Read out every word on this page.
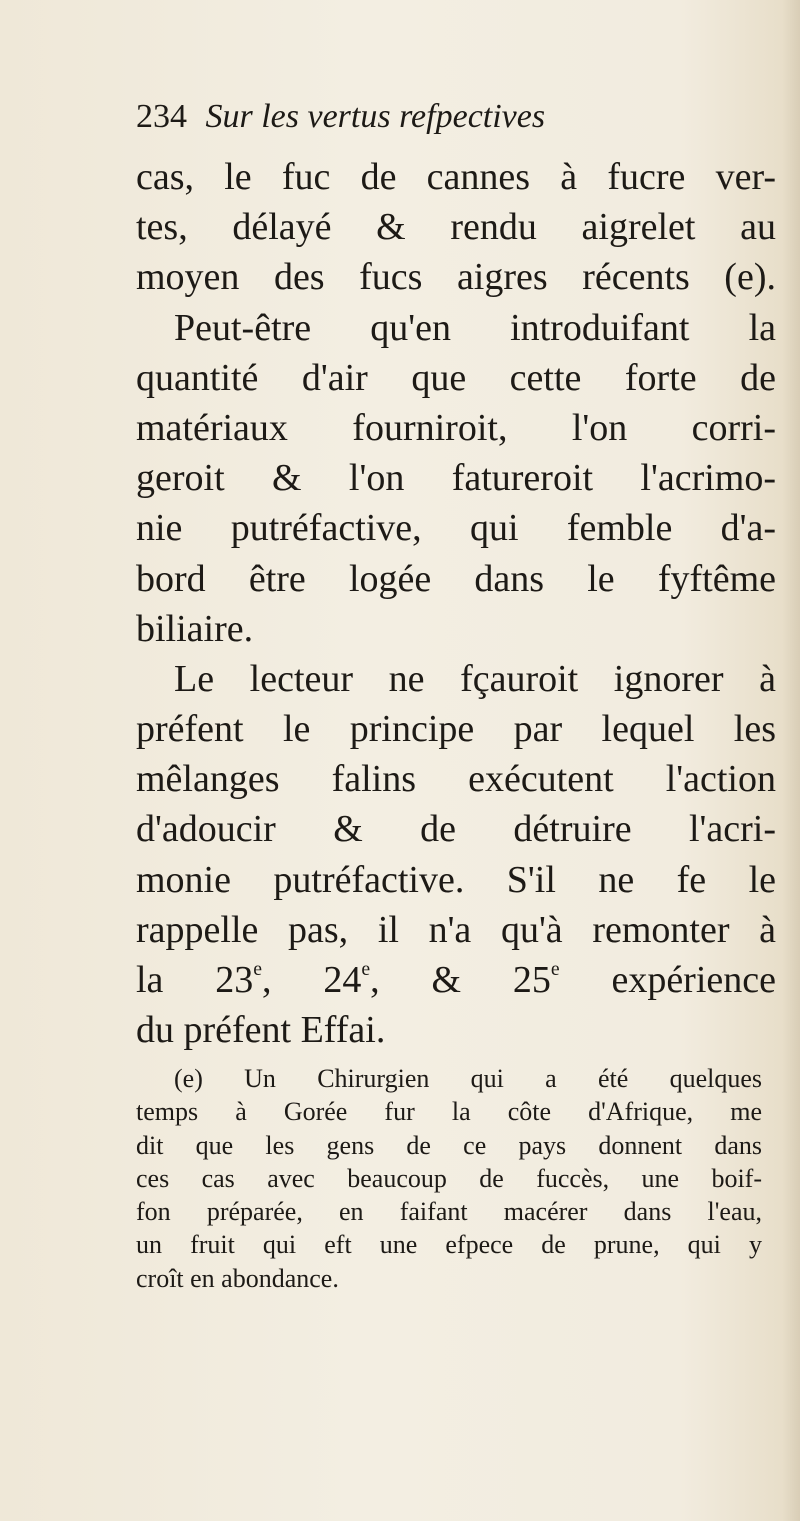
234 Sur les vertus refpectives
cas, le fuc de cannes à fucre ver-
tes, délayé & rendu aigrelet au
moyen des fucs aigres récents (e).
Peut-être qu'en introduifant la
quantité d'air que cette forte de
matériaux fourniroit, l'on corri-
geroit & l'on fatureroit l'acrimo-
nie putréfactive, qui femble d'a-
bord être logée dans le fyftême
biliaire.
Le lecteur ne fçauroit ignorer à
préfent le principe par lequel les
mêlanges falins exécutent l'action
d'adoucir & de détruire l'acri-
monie putréfactive. S'il ne fe le
rappelle pas, il n'a qu'à remonter à
la 23e, 24e, & 25e expérience
du préfent Effai.
(e) Un Chirurgien qui a été quelques
temps à Gorée fur la côte d'Afrique, me
dit que les gens de ce pays donnent dans
ces cas avec beaucoup de fuccès, une boif-
fon préparée, en faifant macérer dans l'eau,
un fruit qui eft une efpece de prune, qui y
croît en abondance.
